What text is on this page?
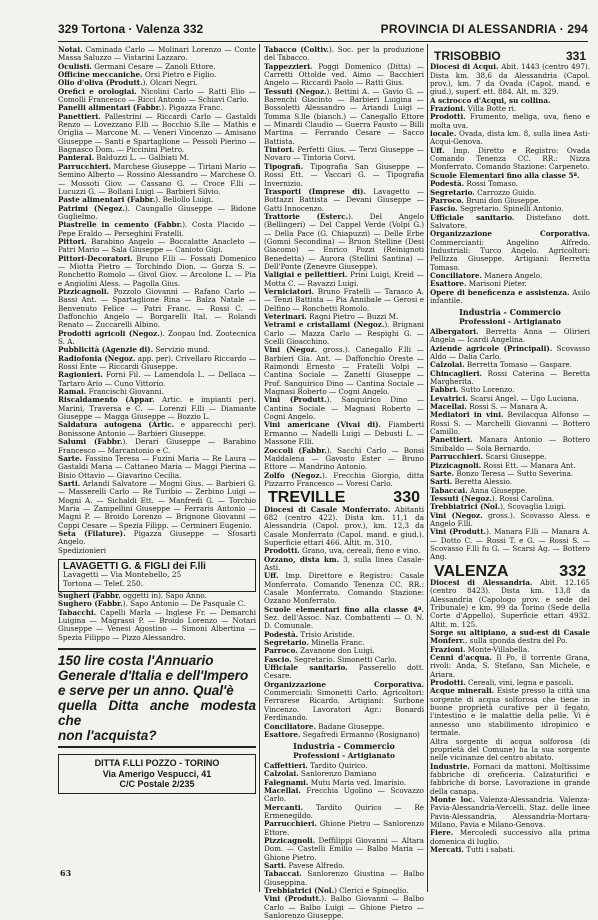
329 Tortona · Valenza 332	PROVINCIA DI ALESSANDRIA · 294
Notai. Caminada Carlo — Molinari Lorenzo — Conte Massa Saluzzo — Vistarini Lazzaro.
Oculisti. Germani Cesare — Zanoli Ettore.
Officine meccaniche. Orsi Pietro e Figlio.
Olio d'oliva (Produtt.). Olcari Negri.
Orefici e orologiai. Nicolini Carlo — Ratti Elio — Comolli Francesco — Ricci Antonio — Schiavi Carlo.
Panelli alimentari (Fabbr.). Pigazza Franc.
Panettieri. Pallestrini — Riccardi Carlo — Gastaldi Renzo — Lovezzano F.lli — Bocchio S.lle — Mathis e Origlia — Marcone M. — Veneri Vincenzo — Amisano Giuseppe — Santi e Spartaglione — Pessoli Pierino — Bagnasco Dom. — Piccinini Pietro.
Panieral. Balduzzi L. — Galbiati M.
Parrucchieri. Marchese Giuseppe — Tiriani Mario — Semino Alberto — Rossino Alessandro — Marchese O. — Mossoti Giov. — Cassano G. — Croce F.lli — Lucuzzi G. — Bollani Luigi — Barbieri Silvio.
Paste alimentari (Fabbr.). Bellollo Luigi.
Patrimi (Negoz.). Caungallo Giuseppe — Bidone Guglielmo.
Piastrelle in cemento (Fabbr.). Costa Placido — Pepe Eraldo — Perseghini Fratelli.
Pittori. Barabino Angelo — Boccalatte Anacleto — Patri Mario — Sala Giuseppe — Canioto Gigi.
Pittori-Decoratori. Bruno F.lli — Fossati Domenico — Miotta Pietro — Torchindo Dion. — Gorza S. — Ronchetto Romolo — Givol Giov. — Arcolone L. — Pia e Angiolini Aless. — Pagolla Gius.
Pizzicagnoli. Pozzolo Giovanni — Rafano Carlo — Bassi Ant. — Spartaglione Rina — Balza Natale — Benvenuto Felice — Patri Franc. — Rossi C. — Daffonchio Angelo — Borgarelli Ital. — Rolandi Renato — Zuccarelli Albino.
Prodotti agricoli (Negoz.). Zoopau Ind. Zootecnica S. A.
Pubblicità (Agenzie di). Servizio mund.
Radiofonia (Negoz. app. per). Crivellaro Riccardo — Rossi Ente — Riccardi Giuseppe.
Ragionieri. Forni Fil. — Lamendola L. — Dellaca — Tartaro Ario — Cuno Vittorio.
Ramai. Francischi Giovanni.
Riscaldamento (Appar. Artic. e impianti per). Marini, Traversa e C. — Lorenzi F.lli — Diamante Giuseppe — Magga Giuseppe — Bozzio L.
Saldatura autogena (Artic. e apparecchi per). Bonissone Antonio — Barbieri Giuseppe.
Salumi (Fabbr.). Derari Giuseppe — Barabino Francesco — Marcantonio e C.
Sarte. Fassino Teresa — Fuzini Maria — Re Laura — Gastaldi Maria — Cattaneo Maria — Maggi Pierina — Bisio Ottavio — Giavarino Cecilia.
Sarti. Arlandi Salvatore — Mogni Gius. — Barbieri G. — Masserelli Carlo — Re Turibio — Zerbino Luigi — Mogni A. — Sichaldi Ett. — Manfredi G. — Torchio Maria — Zampellini Giuseppe — Ferraris Antonio — Magni P. — Broido Lorenzo — Brignone Giovanni — Coppi Cesare — Spezia Filipp. — Cermineri Eugenio.
Seta (Filature). Pigazza Giuseppe — Sfosarti Angelo.
Spedizionieri
LAVAGETTI G. & FIGLI dei F.lli
Lavagetti — Via Montebello, 25
Tortona — Telef. 250.
Sugheri (Fabbr. oggetti in). Sapo Anno.
Sughero (Fabbr.). Sapo Antonio — De Pasquale C.
Tabacchi. Capelli Marla — Inglese Fr. — Demarchi Luigina — Magrassi P. — Broido Lorenzo — Notari Giuseppe — Venesi Agostino — Simoni Albertina — Spezia Filippo — Pizzo Alessandro.
150 lire costa l'Annuario
Generale d'Italia e dell'Impero
e serve per un anno. Qual'è
quella Ditta anche modesta che
non l'acquista?
DITTA F.LLI POZZO - TORINO
Via Amerigo Vespucci, 41
C/C Postale 2/235
Tabacco (Coltiv.). Soc. per la produzione del Tabacco.
Tappezzieri. Poggi Domenico (Ditta) — Carretti Ottolde ved. Aimo — Bacchieri Angelo — Riccardi Paolo — Ratti Gius.
Tessuti (Negoz.). Bettini A. — Gavio G. — Barenchi Giacinto — Barbieri Luigina — Bossoletti Alessandro — Ariandi Luigi — Tomma S.lle (bianch.) — Canegallo Ettore — Minardi Claudio — Guerra Fausto — Billi Martina — Ferrando Cesare — Sacco Battista.
Tintori. Perfetti Gius. — Terzi Giuseppe — Novaro — Tintoria Corvi.
Tipografi. Tipografia San Giuseppe — Rossi Ett. — Vaccari G. — Tipografia Invernizio.
Trasporti (Imprese di). Lavagetto — Bottazzi Battista — Devani Giuseppe — Gatti Innocenzo.
Trattorie (Esterc.). Del Angelo (Bellingeri) — Del Cappel Verde (Volpi G.) — Della Pace (G. Chiapuzzi) — Delle Erbe (Gomni Secondina) — Bruon Stelline (Desi Giacomo) — Enrico Pozzi (Reinignoti Benedetta) — Aurora (Stellini Santina) — Dell'Ponte (Zenevre Giuseppe).
Valigiai e pellettieri. Prini Luigi, Kreid — Motta C. — Ravazzi Luigi.
Verniciatori. Bruno Fratelli — Tarasco A. — Tenzi Battista — Pia Annibale — Gerosi e Delfino — Ronchetti Romolo.
Veterinari. Ragni Pietro — Buzzi M.
Vetrami e cristallami (Negoz.). Brignani Carlo — Mazza Carlo — Respighi G. — Scelli Gioacchino.
Vini (Negoz. gross.). Canegallo F.lli — Barbieri Gia. Ant. — Daffonchio Oreste — Raimondi Ernesto — Fratelli Volpi — Cantina Sociale — Zanetti Giuseppe — Prof. Sanquirico Dino — Cantina Sociale — Magnasi Roberto — Cogni Angelo.
Vini (Produtt.). Sanquirico Dino — Cantina Sociale — Magnasi Roberto — Cogni Angelo.
Vini americane (Vivai di). Fiamberti Ermanno — Nadelli Luigi — Debusti L. — Massone F.lli.
Zoccoli (Fabbr.). Sacchi Carlo — Bonsi Maddalena — Gavosto Ester — Bruno Ettore — Mandrino Antonio.
Zolfo (Negoz.). Frecchia Giorgio, ditta Pizzarro Francesco — Voresi Carlo.
TREVILLE	330
Diocesi di Casale Monferrato. Abitanti 682 (centro 422). Dista km. 11,1 da Alessandria (Capol. prov.), km. 12,3 da Casale Monferrato (Capol. mand. e giud.). Superficie ettari 466. Altit. m. 310.
Prodotti. Grano, uva, cereali, fieno e vino.
Ozzano, dista km. 3, sulla linea Casale-Asti.
Uff. Imp. Direttore e Registro: Casale Monferrato. Comando Tenenza CC. RR.: Casale Monferrato. Comando Stazione: Ozzano Monferrato.
Scuole elementari fino alla classe 4ª. Sez. dell'Assoc. Naz. Combattenti — O. N. D. Comunale.
Podestà. Trisio Aristide.
Segretario. Minella Franc.
Parroco. Zavanone don Luigi.
Fascio. Segretario. Simonetti Carlo.
Ufficiale sanitario. Passerello dott. Cesare.
Organizzazione Corporativa. Commerciali: Simonetti Carlo. Agricoltori: Ferrarese Ricardo. Artigiani: Surbone Vincenzo. Lavoratori Agr.: Bonardi Ferdinando.
Conciliatore. Badane Giuseppe.
Esattore. Segafredi Ermanno (Rosignano)
Industria - Commercio
Professioni - Artigianato
Caffettieri. Tardito Quirico.
Calzolai. Sanlorenzo Damiano
Falegnami. Mutu Maria ved. Imarisio.
Macellai. Frecchia Ugolino — Scovazzo Carlo.
Mercanti. Tardito Quirico — Re Ermenegildo.
Parrucchieri. Ghione Pietro — Sanlorenzo Ettore.
Pizzicagnoli. Deffilippi Giovanni — Altara Dom. — Castelli Emilio — Balbo Maria — Ghione Pietro.
Sarti. Pavese Alfredo.
Tabaccai. Sanlorenzo Giustina — Balbo Giuseppina.
Trebbiatrici (Nol.) Clerici e Spinoglio.
Vini (Produtt.). Balbo Giovanni — Balbo Carlo — Balbo Luigi — Ghione Pietro — Sanlorenzo Giuseppe.
TRISOBBIO	331
Diocesi di Acqui. Abit. 1443 (centro 497). Dista km. 38,6 da Alessandria (Capol. prov.), km. 7 da Ovada (Capol. mand. e giud.), superf. ett. 884. Alt. m. 329.
A scirocco d'Acqui, su collina.
Frazioni. Villa Botte ri.
Prodotti. Frumento, meliga, uva, fieno e molta uva.
locale. Ovada, dista km. 8, sulla linea Asti-Acqui-Genova.
Uff. Imp. Diretto e Registro: Ovada Comando Tenenza CC. RR.: Nizza Monferrato. Comando Stazione: Carpeneto.
Scuole Elementari fino alla classe 5ª.
Podestà. Rossi Tomaso.
Segretario. Carrozzo Guido.
Parroco. Bruni don Giuseppe.
Fascio. Segretario. Spinelli Antonio.
Ufficiale sanitario. Distefano dott. Salvatore.
Organizzazione Corporativa. Commercianti: Angelino Alfredo. Industriali: Turco Angelo. Agricoltori: Pellizza Giuseppe. Artigiani: Berretta Tomaso.
Conciliatore. Manera Angelo.
Esattore. Marisoni Pieter.
Opere di beneficenza e assistenza. Asilo infantile.
Industria - Commercio
Professioni - Artigianato
Albergatori. Berretta Anna — Olirieri Angela — Icardi Angelina.
Aziende agricole (Principali). Scovasso Aldo — Dalia Carlo.
Calzolai. Berretta Tomaso — Gaspare.
Chincaglieri. Rossi Caterina — Beretta Margherita.
Fabbri. Sutto Lorenzo.
Levatrici. Scarsi Angel. — Ugo Luciana.
Macellai. Rossi S. — Manara A.
Mediatori in vini. Bevilacqua Alfonso — Rossi S. — Marchelli Giovanni — Bottero Camillo.
Panettieri. Manara Antonio — Bottero Sinibaldo — Sola Bernardo.
Parrucchieri. Scarsi Giuseppe.
Pizzicagnoli. Rossi Ett. — Manara Ant.
Sarte. Bonzo Teresa — Sutto Severina.
Sarti. Beretta Alessio.
Tabaccai. Anna Giuseppe.
Tessuti (Negoz.). Rossi Carolina.
Trebbiatrici (Nol.). Scovaglia Luigi.
Vini (Negoz. gross.). Scovasso Aless. e Angelo F.lli.
Vini (Produtt.). Manara F.lli — Manara A. — Dotto C. — Rossi T. e G. — Rossi S. — Scovasso F.lli fu G. — Scarsi Ag. — Bottero Ang.
VALENZA	332
Diocesi di Alessandria. Abit. 12.165 (centro 8423). Dista km. 13,8 da Alessandria (Capologo prov. e sede del Tribunale) e km. 99 da Torino (Sede della Corte d'Appello). Superficie ettari 4932. Altit. m. 125.
Sorge su altipiano, a sud-est di Casale Monferr., sulla sponda destra del Po.
Frazioni. Monte-Villabella.
Cenni d'acqua. Il Po, il torrente Grana, rivoli: Anda, S. Stefano, San Michele, e Ariara.
Prodotti. Cereali, vini, legna e pascoli.
Acque minerali. Esiste presso la città una sorgente di acqua solforosa che tiene in buone proprietà curative per il fegato, l'intestino e le malattie della pelle. Vi è annesso uno stabilimento idropinico e termale.
Altra sorgente di acqua solforosa (di proprietà del Comune) ha la sua sorgente nelle vicinanze del centro abitato.
Industrie. Fornaci da mattoni. Moltissime fabbriche di oreficeria. Calzaturifici e fabbriche di borse. Lavorazione in grande della canapa.
Monte loc. Valenza-Alessandria. Valenza-Pavia-Alessandria-Vercelli. Staz. delle linee Pavia-Alessandria, Alessandria-Mortara-Milano, Pavia e Milano-Genova.
Fiere. Mercoledì successivo alla prima domenica di luglio.
Mercati. Tutti i sabati.
63
